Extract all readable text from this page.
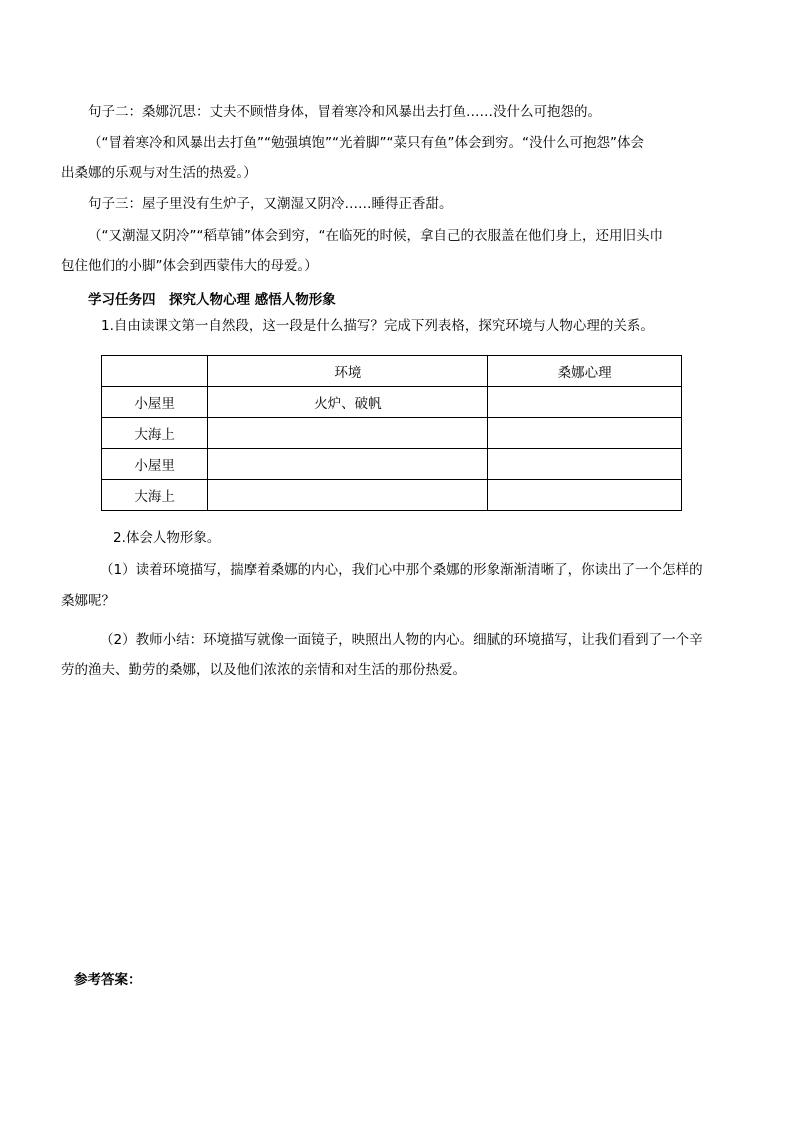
句子二：桑娜沉思：丈夫不顾惜身体，冒着寒冷和风暴出去打鱼……没什么可抱怨的。
（“冒着寒冷和风暴出去打鱼”“勉强填饱”“光着脚”“菜只有鱼”体会到穷。“没什么可抱怨”体会
出桑娜的乐观与对生活的热爱。）
句子三：屋子里没有生炉子，又潮湿又阴冷……睡得正香甜。
（“又潮湿又阴冷”“稻草铺”体会到穷，“在临死的时候，拿自己的衣服盖在他们身上，还用旧头巾
包住他们的小脚”体会到西蒙伟大的母爱。）
学习任务四　探究人物心理 感悟人物形象
1.自由读课文第一自然段，这一段是什么描写？完成下列表格，探究环境与人物心理的关系。
	环境	桑娜心理
小屋里	火炉、破帆	
大海上		
小屋里		
大海上		
2.体会人物形象。
（1）读着环境描写，揣摩着桑娜的内心，我们心中那个桑娜的形象渐渐清晰了，你读出了一个怎样的
桑娜呢？
（2）教师小结：环境描写就像一面镜子，映照出人物的内心。细腻的环境描写，让我们看到了一个辛
劳的渔夫、勤劳的桑娜，以及他们浓浓的亲情和对生活的那份热爱。
参考答案：
